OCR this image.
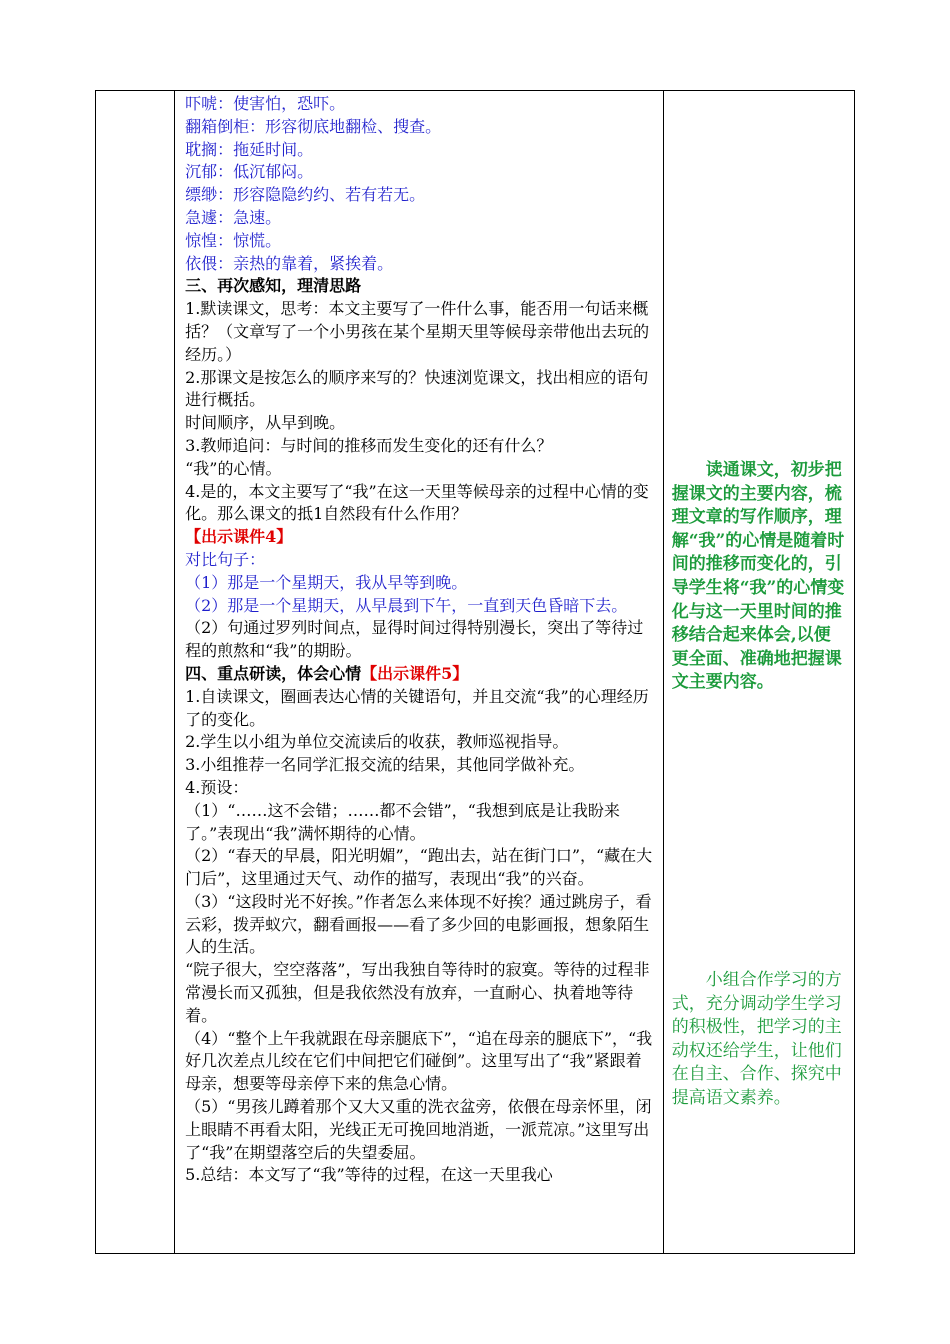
吓唬：使害怕，恐吓。

翻箱倒柜：形容彻底地翻检、搜查。

耽搁：拖延时间。

沉郁：低沉郁闷。

缥缈：形容隐隐约约、若有若无。

急遽：急速。

惊惶：惊慌。

依偎：亲热的靠着，紧挨着。

三、再次感知，理清思路

1.默读课文，思考：本文主要写了一件什么事，能否用一句话来概括？（文章写了一个小男孩在某个星期天里等候母亲带他出去玩的经历。）

2.那课文是按怎么的顺序来写的？快速浏览课文，找出相应的语句进行概括。

时间顺序，从早到晚。

3.教师追问：与时间的推移而发生变化的还有什么？

“我”的心情。

4.是的，本文主要写了“我”在这一天里等候母亲的过程中心情的变化。那么课文的抵1自然段有什么作用？

【出示课件4】

对比句子：

（1）那是一个星期天，我从早等到晚。

（2）那是一个星期天，从早晨到下午，一直到天色昏暗下去。

（2）句通过罗列时间点，显得时间过得特别漫长，突出了等待过程的煎熬和“我”的期盼。

四、重点研读，体会心情【出示课件5】

1.自读课文，圈画表达心情的关键语句，并且交流“我”的心理经历了的变化。

2.学生以小组为单位交流读后的收获，教师巡视指导。

3.小组推荐一名同学汇报交流的结果，其他同学做补充。

4.预设：

（1）“……这不会错；……都不会错”，“我想到底是让我盼来了。”表现出“我”满怀期待的心情。

（2）“春天的早晨，阳光明媚”，“跑出去，站在街门口”，“藏在大门后”，这里通过天气、动作的描写，表现出“我”的兴奋。

（3）“这段时光不好挨。”作者怎么来体现不好挨？通过跳房子，看云彩，拨弄蚁穴，翻看画报——看了多少回的电影画报，想象陌生人的生活。

“院子很大，空空落落”，写出我独自等待时的寂寞。等待的过程非常漫长而又孤独，但是我依然没有放弃，一直耐心、执着地等待着。

（4）“整个上午我就跟在母亲腿底下”，“追在母亲的腿底下”，“我好几次差点儿绞在它们中间把它们碰倒”。这里写出了“我”紧跟着母亲，想要等母亲停下来的焦急心情。

（5）“男孩儿蹲着那个又大又重的洗衣盆旁，依偎在母亲怀里，闭上眼睛不再看太阳，光线正无可挽回地消逝，一派荒凉。”这里写出了“我”在期望落空后的失望委屈。

5.总结：本文写了“我”等待的过程，在这一天里我心

读通课文，初步把握课文的主要内容，梳理文章的写作顺序，理解“我”的心情是随着时间的推移而变化的，引导学生将“我”的心情变化与这一天里时间的推移结合起来体会,以便更全面、准确地把握课文主要内容。
小组合作学习的方式，充分调动学生学习的积极性，把学习的主动权还给学生，让他们在自主、合作、探究中提高语文素养。
